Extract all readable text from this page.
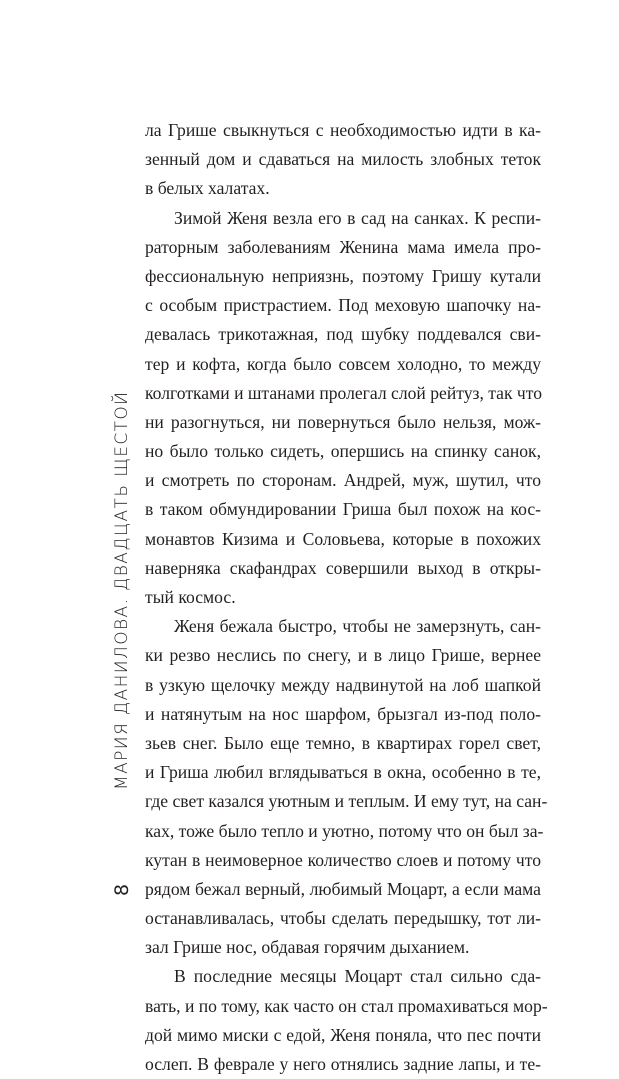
ла Грише свыкнуться с необходимостью идти в ка-
зенный дом и сдаваться на милость злобных теток
в белых халатах.
Зимой Женя везла его в сад на санках. К респи-
раторным заболеваниям Женина мама имела про-
фессиональную неприязнь, поэтому Гришу кутали
с особым пристрастием. Под меховую шапочку на-
девалась трикотажная, под шубку поддевался сви-
тер и кофта, когда было совсем холодно, то между
колготками и штанами пролегал слой рейтуз, так что
ни разогнуться, ни повернуться было нельзя, мож-
но было только сидеть, опершись на спинку санок,
и смотреть по сторонам. Андрей, муж, шутил, что
в таком обмундировании Гриша был похож на кос-
монавтов Кизима и Соловьева, которые в похожих
наверняка скафандрах совершили выход в откры-
тый космос.
Женя бежала быстро, чтобы не замерзнуть, сан-
ки резво неслись по снегу, и в лицо Грише, вернее
в узкую щелочку между надвинутой на лоб шапкой
и натянутым на нос шарфом, брызгал из-под поло-
зьев снег. Было еще темно, в квартирах горел свет,
и Гриша любил вглядываться в окна, особенно в те,
где свет казался уютным и теплым. И ему тут, на сан-
ках, тоже было тепло и уютно, потому что он был за-
кутан в неимоверное количество слоев и потому что
рядом бежал верный, любимый Моцарт, а если мама
останавливалась, чтобы сделать передышку, тот ли-
зал Грише нос, обдавая горячим дыханием.
В последние месяцы Моцарт стал сильно сда-
вать, и по тому, как часто он стал промахиваться мор-
дой мимо миски с едой, Женя поняла, что пес почти
ослеп. В феврале у него отнялись задние лапы, и те-
МАРИЯ ДАНИЛОВА. ДВАДЦАТЬ ЩЕСТОЙ
8
